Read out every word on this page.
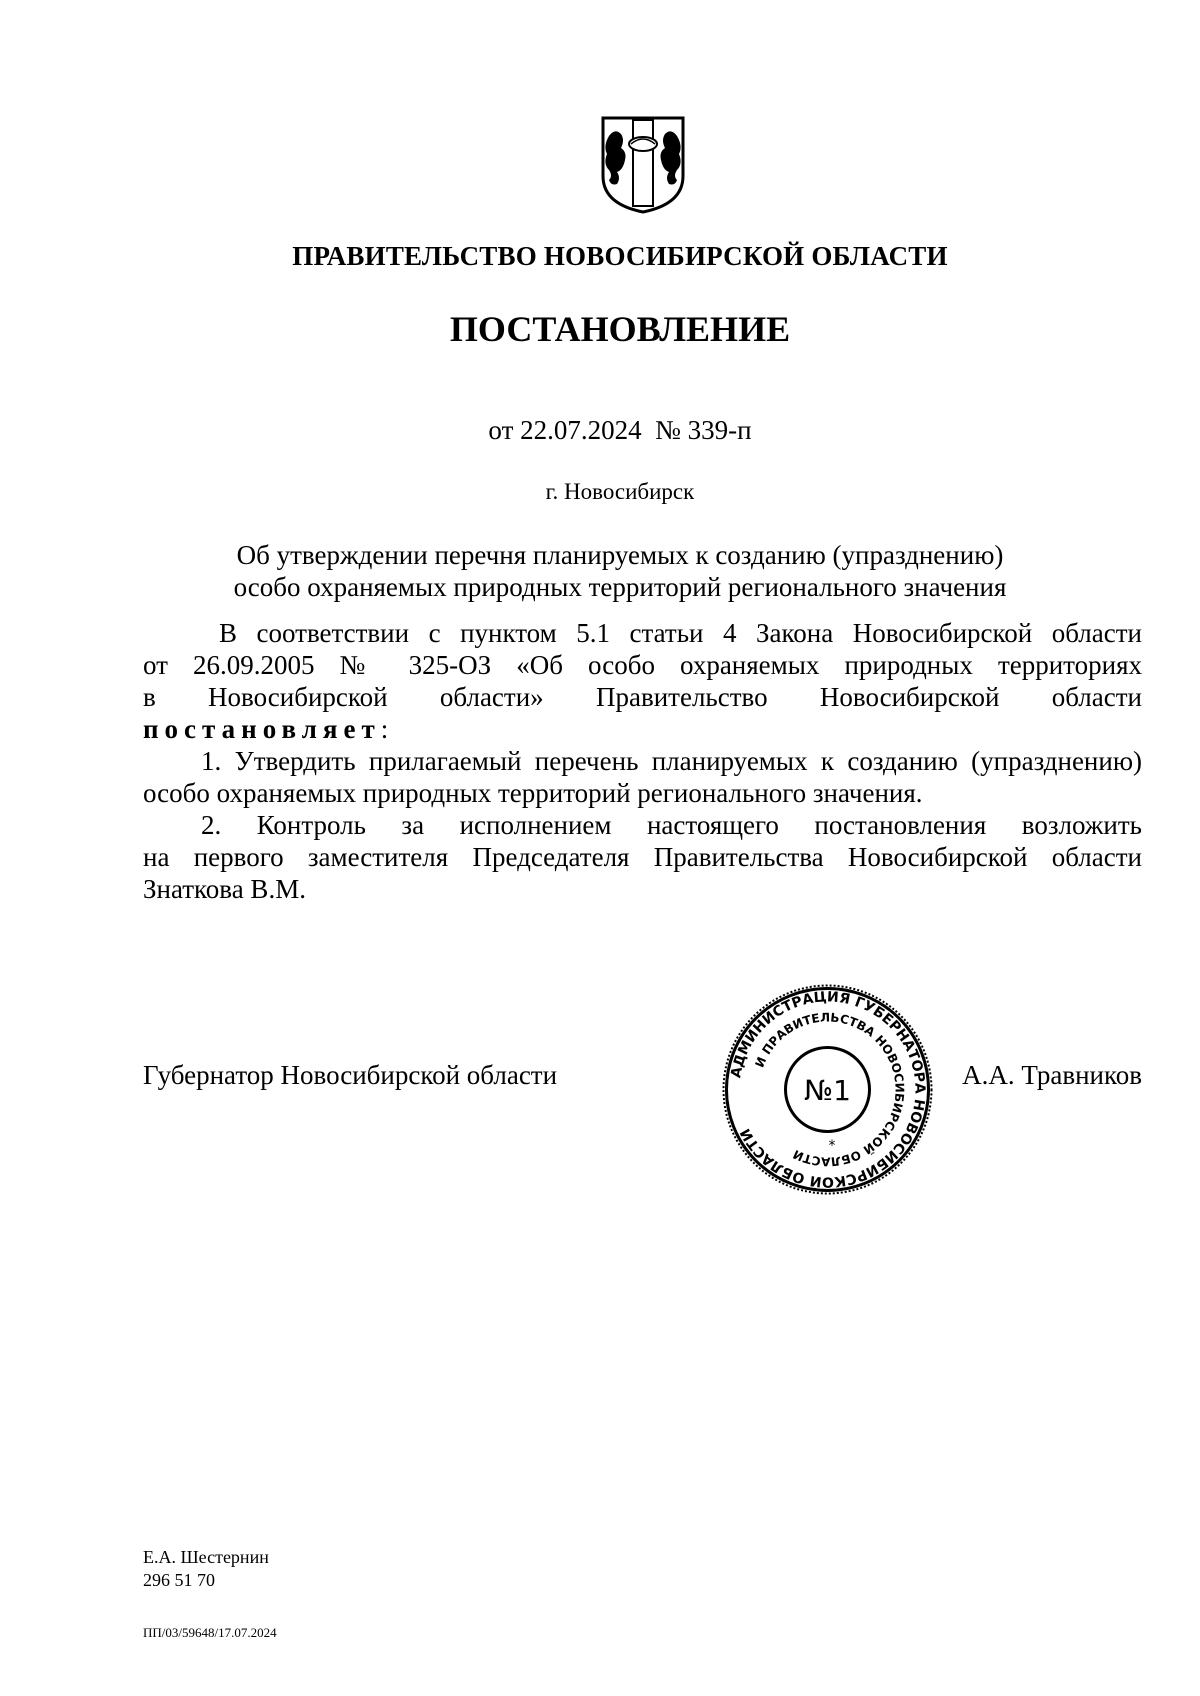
ПРАВИТЕЛЬСТВО НОВОСИБИРСКОЙ ОБЛАСТИ
ПОСТАНОВЛЕНИЕ
от 22.07.2024  № 339-п
г. Новосибирск
Об утверждении перечня планируемых к созданию (упразднению)
особо охраняемых природных территорий регионального значения
В соответствии с пунктом 5.1 статьи 4 Закона Новосибирской области
от 26.09.2005 № 325-ОЗ «Об особо охраняемых природных территориях
в Новосибирской области» Правительство Новосибирской области
постановляет:
1. Утвердить прилагаемый перечень планируемых к созданию (упразднению)
особо охраняемых природных территорий регионального значения.
2. Контроль за исполнением настоящего постановления возложить
на первого заместителя Председателя Правительства Новосибирской области
Знаткова В.М.
Губернатор Новосибирской области	А.А. Травников
АДМИНИСТРАЦИЯ ГУБЕРНАТОРА НОВОСИБИРСКОЙ ОБЛАСТИ
И ПРАВИТЕЛЬСТВА НОВОСИБИРСКОЙ ОБЛАСТИ
№1
*
Е.А. Шестернин
296 51 70
ПП/03/59648/17.07.2024
